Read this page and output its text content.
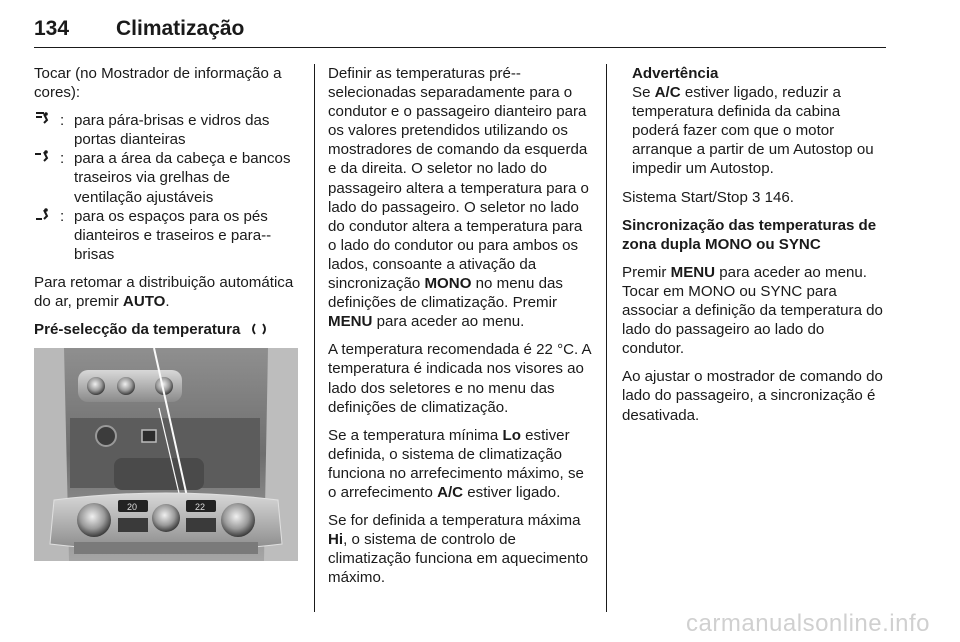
134 Climatização

Tocar (no Mostrador de informação a cores):

: para pára-brisas e vidros das portas dianteiras
: para a área da cabeça e bancos traseiros via grelhas de ventilação ajustáveis
: para os espaços para os pés dianteiros e traseiros e para--brisas

Para retomar a distribuição automática do ar, premir AUTO.

Pré-selecção da temperatura
20	22

Definir as temperaturas pré--selecionadas separadamente para o condutor e o passageiro dianteiro para os valores pretendidos utilizando os mostradores de comando da esquerda e da direita. O seletor no lado do passageiro altera a temperatura para o lado do passageiro. O seletor no lado do condutor altera a temperatura para o lado do condutor ou para ambos os lados, consoante a ativação da sincronização MONO no menu das definições de climatização. Premir MENU para aceder ao menu.

A temperatura recomendada é 22 °C. A temperatura é indicada nos visores ao lado dos seletores e no menu das definições de climatização.

Se a temperatura mínima Lo estiver definida, o sistema de climatização funciona no arrefecimento máximo, se o arrefecimento A/C estiver ligado.

Se for definida a temperatura máxima Hi, o sistema de controlo de climatização funciona em aquecimento máximo.

Advertência
Se A/C estiver ligado, reduzir a temperatura definida da cabina poderá fazer com que o motor arranque a partir de um Autostop ou impedir um Autostop.

Sistema Start/Stop 3 146.

Sincronização das temperaturas de zona dupla MONO ou SYNC

Premir MENU para aceder ao menu. Tocar em MONO ou SYNC para associar a definição da temperatura do lado do passageiro ao lado do condutor.

Ao ajustar o mostrador de comando do lado do passageiro, a sincronização é desativada.

carmanualsonline.info
